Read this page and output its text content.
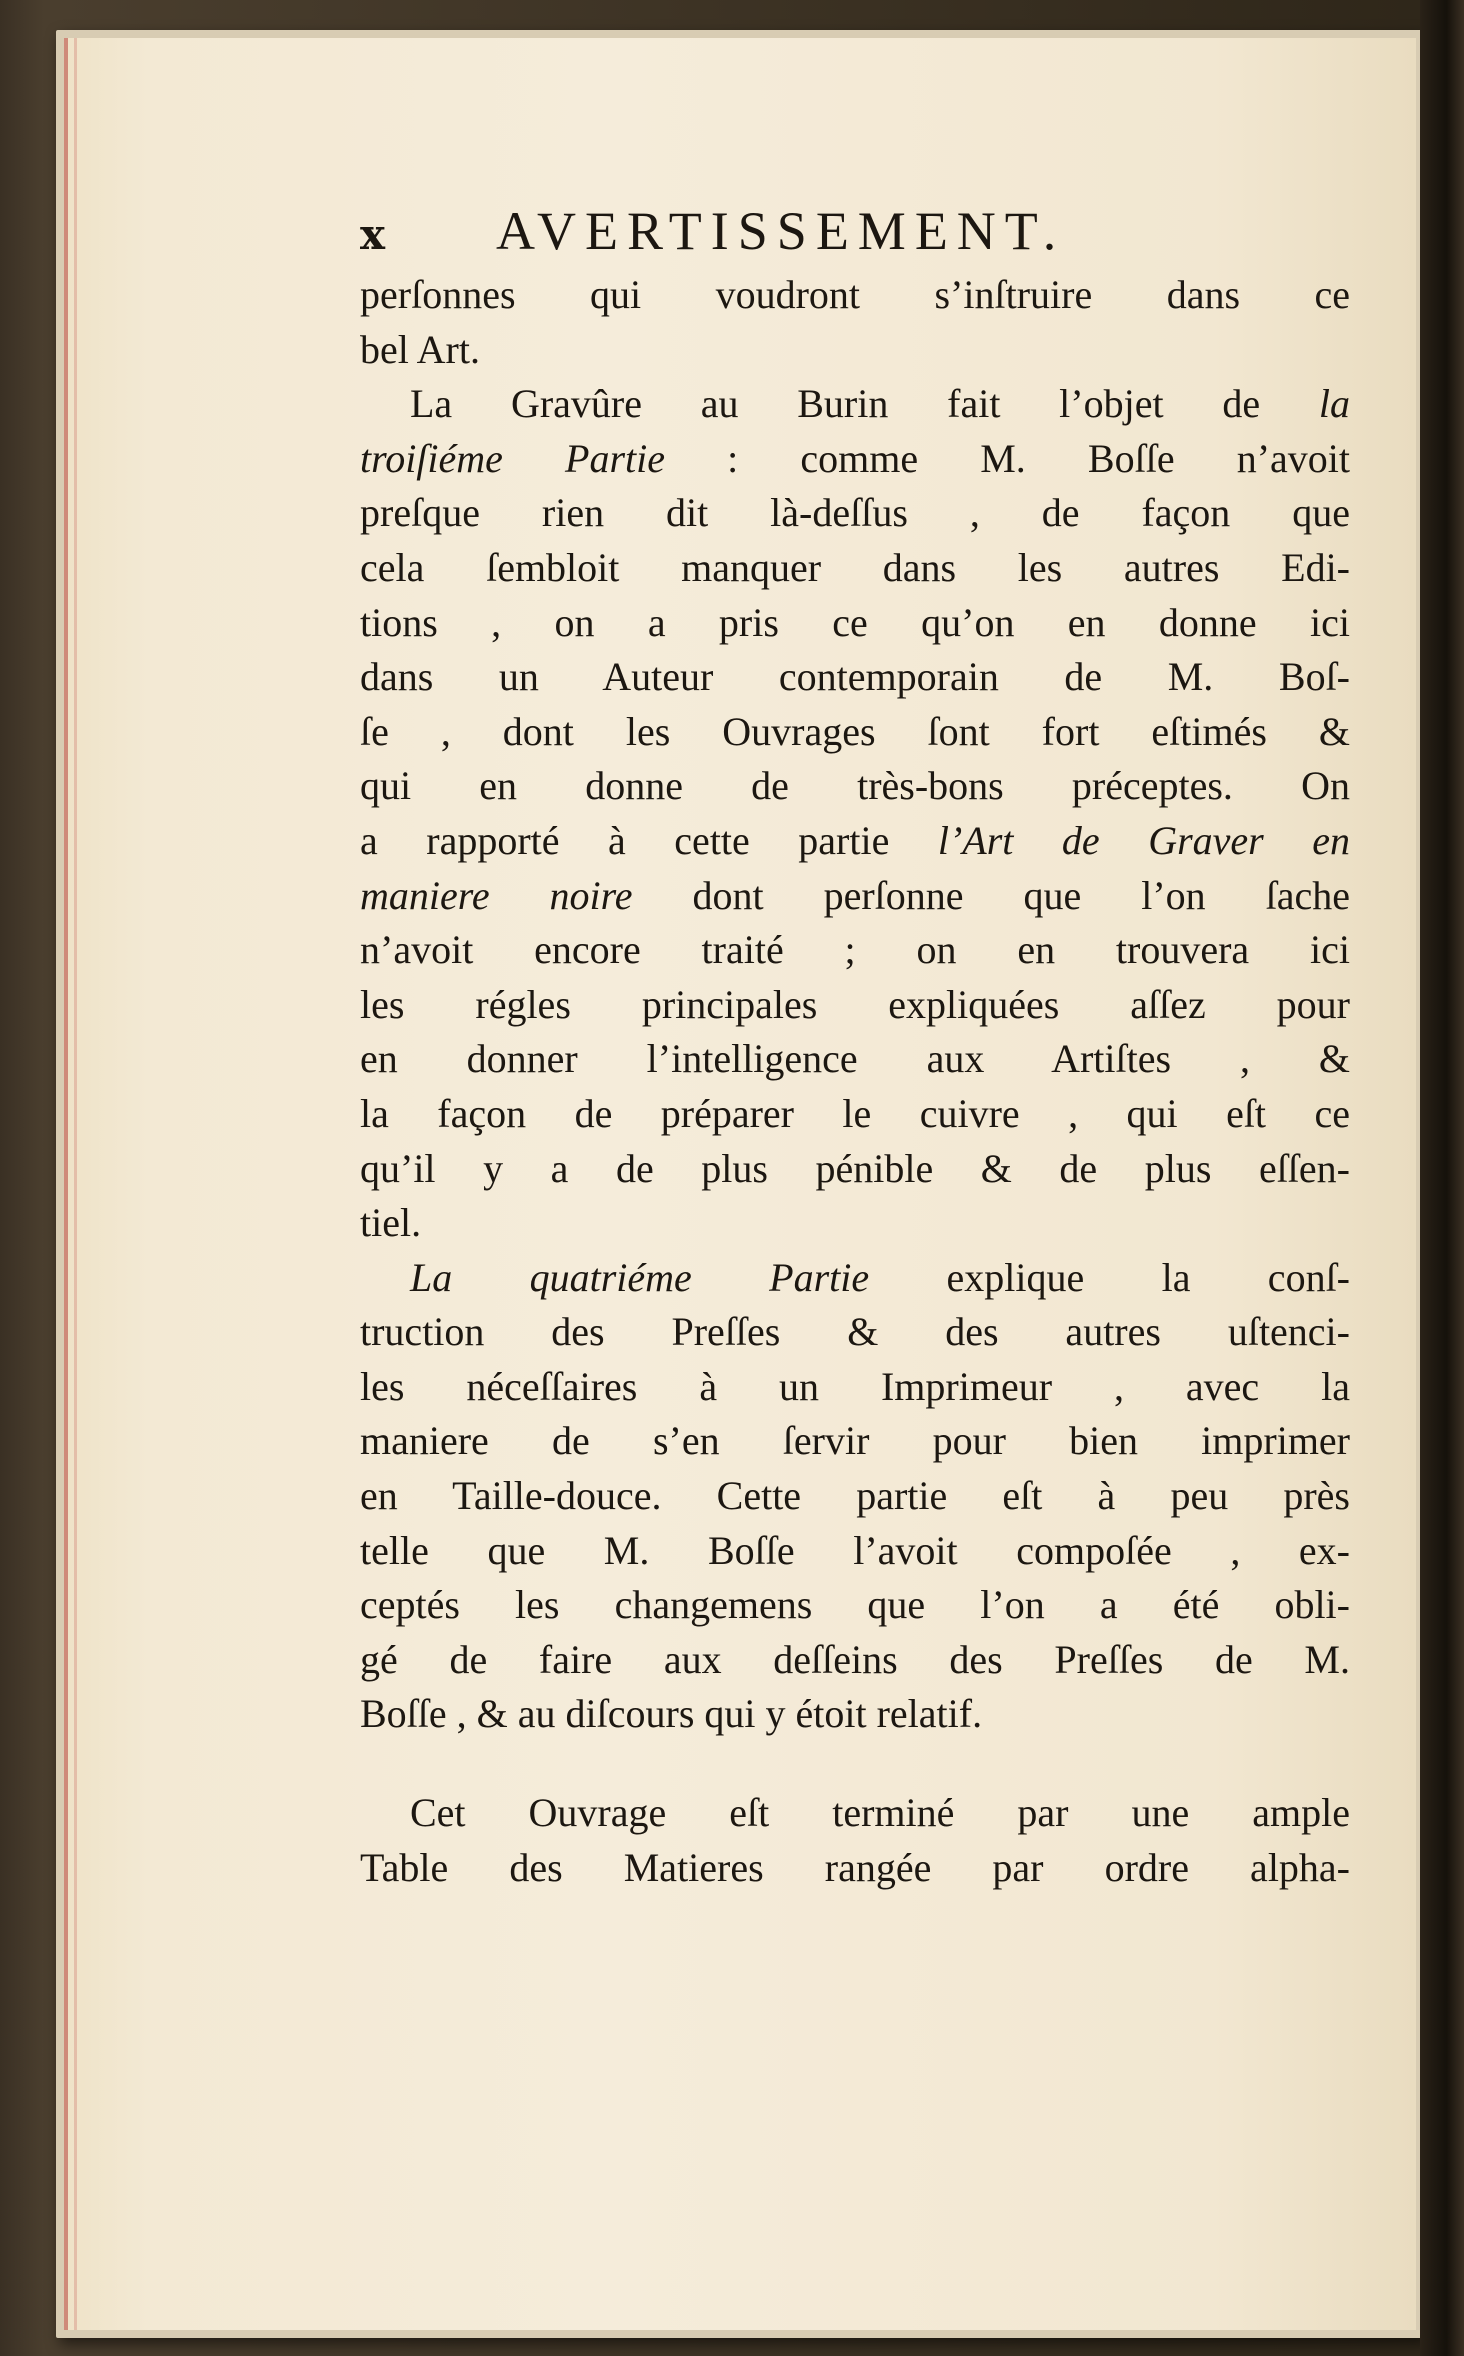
x	AVERTISSEMENT.
perſonnes qui voudront s’inſtruire dans ce
bel Art.
La Gravûre au Burin fait l’objet de la
troiſiéme Partie : comme M. Boſſe n’avoit
preſque rien dit là-deſſus , de façon que
cela ſembloit manquer dans les autres Edi-
tions , on a pris ce qu’on en donne ici
dans un Auteur contemporain de M. Boſ-
ſe , dont les Ouvrages ſont fort eſtimés &
qui en donne de très-bons préceptes. On
a rapporté à cette partie l’Art de Graver en
maniere noire dont perſonne que l’on ſache
n’avoit encore traité ; on en trouvera ici
les régles principales expliquées aſſez pour
en donner l’intelligence aux Artiſtes , &
la façon de préparer le cuivre , qui eſt ce
qu’il y a de plus pénible & de plus eſſen-
tiel.
La quatriéme Partie explique la conſ-
truction des Preſſes & des autres uſtenci-
les néceſſaires à un Imprimeur , avec la
maniere de s’en ſervir pour bien imprimer
en Taille-douce. Cette partie eſt à peu près
telle que M. Boſſe l’avoit compoſée , ex-
ceptés les changemens que l’on a été obli-
gé de faire aux deſſeins des Preſſes de M.
Boſſe , & au diſcours qui y étoit relatif.
Cet Ouvrage eſt terminé par une ample
Table des Matieres rangée par ordre alpha-
